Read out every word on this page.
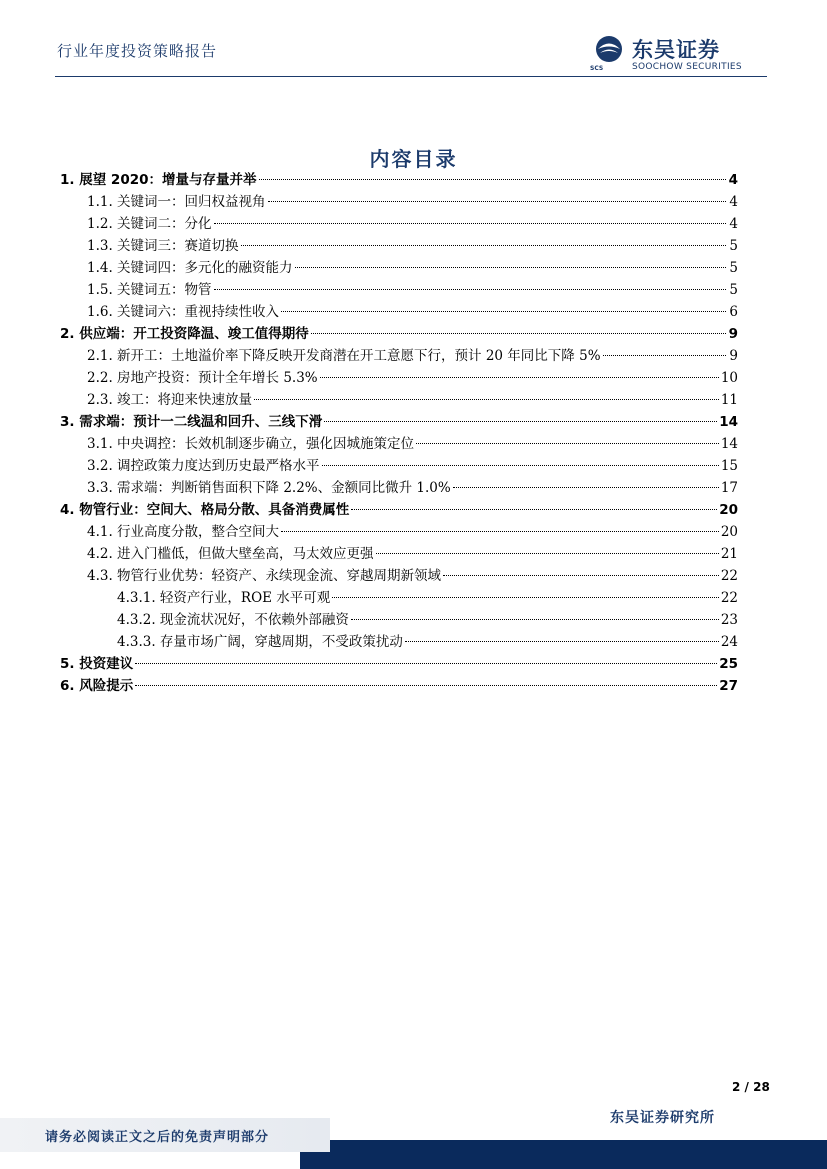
行业年度投资策略报告
SCS
东吴证券
SOOCHOW SECURITIES
内容目录
1. 展望 2020：增量与存量并举	4
1.1. 关键词一：回归权益视角	4
1.2. 关键词二：分化	4
1.3. 关键词三：赛道切换	5
1.4. 关键词四：多元化的融资能力	5
1.5. 关键词五：物管	5
1.6. 关键词六：重视持续性收入	6
2. 供应端：开工投资降温、竣工值得期待	9
2.1. 新开工：土地溢价率下降反映开发商潜在开工意愿下行，预计 20 年同比下降 5%	9
2.2. 房地产投资：预计全年增长 5.3%	10
2.3. 竣工：将迎来快速放量	11
3. 需求端：预计一二线温和回升、三线下滑	14
3.1. 中央调控：长效机制逐步确立，强化因城施策定位	14
3.2. 调控政策力度达到历史最严格水平	15
3.3. 需求端：判断销售面积下降 2.2%、金额同比微升 1.0%	17
4. 物管行业：空间大、格局分散、具备消费属性	20
4.1. 行业高度分散，整合空间大	20
4.2. 进入门槛低，但做大壁垒高，马太效应更强	21
4.3. 物管行业优势：轻资产、永续现金流、穿越周期新领域	22
4.3.1. 轻资产行业，ROE 水平可观	22
4.3.2. 现金流状况好，不依赖外部融资	23
4.3.3. 存量市场广阔，穿越周期，不受政策扰动	24
5. 投资建议	25
6. 风险提示	27
2 / 28
东吴证券研究所
请务必阅读正文之后的免责声明部分
